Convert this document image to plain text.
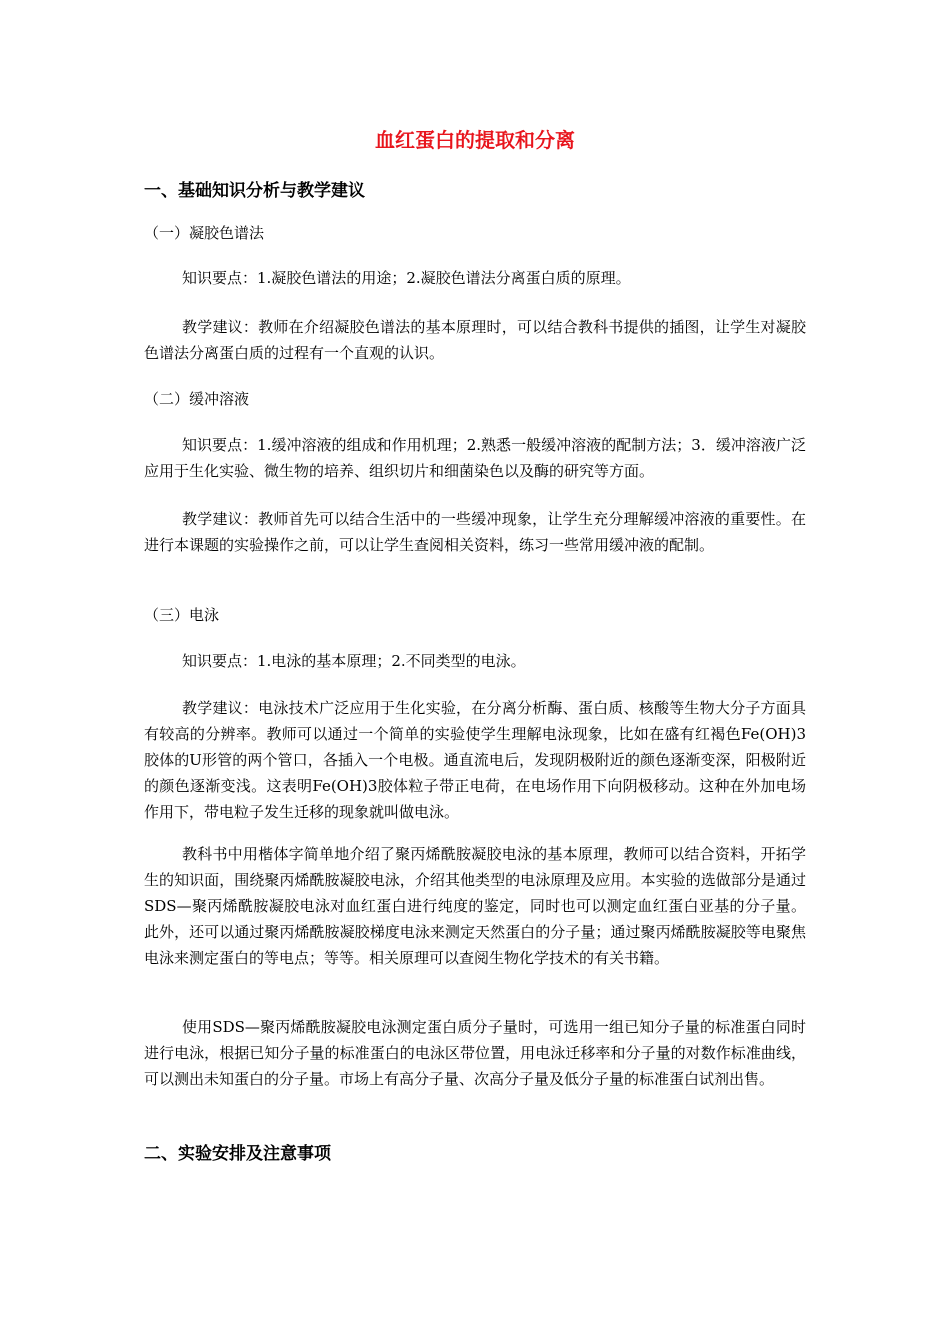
血红蛋白的提取和分离
一、基础知识分析与教学建议
（一）凝胶色谱法
知识要点：1.凝胶色谱法的用途；2.凝胶色谱法分离蛋白质的原理。
教学建议：教师在介绍凝胶色谱法的基本原理时，可以结合教科书提供的插图，让学生对凝胶色谱法分离蛋白质的过程有一个直观的认识。
（二）缓冲溶液
知识要点：1.缓冲溶液的组成和作用机理；2.熟悉一般缓冲溶液的配制方法；3．缓冲溶液广泛应用于生化实验、微生物的培养、组织切片和细菌染色以及酶的研究等方面。
教学建议：教师首先可以结合生活中的一些缓冲现象，让学生充分理解缓冲溶液的重要性。在进行本课题的实验操作之前，可以让学生查阅相关资料，练习一些常用缓冲液的配制。
（三）电泳
知识要点：1.电泳的基本原理；2.不同类型的电泳。
教学建议：电泳技术广泛应用于生化实验，在分离分析酶、蛋白质、核酸等生物大分子方面具有较高的分辨率。教师可以通过一个简单的实验使学生理解电泳现象，比如在盛有红褐色Fe(OH)3胶体的U形管的两个管口，各插入一个电极。通直流电后，发现阴极附近的颜色逐渐变深，阳极附近的颜色逐渐变浅。这表明Fe(OH)3胶体粒子带正电荷，在电场作用下向阴极移动。这种在外加电场作用下，带电粒子发生迁移的现象就叫做电泳。
教科书中用楷体字简单地介绍了聚丙烯酰胺凝胶电泳的基本原理，教师可以结合资料，开拓学生的知识面，围绕聚丙烯酰胺凝胶电泳，介绍其他类型的电泳原理及应用。本实验的选做部分是通过SDS—聚丙烯酰胺凝胶电泳对血红蛋白进行纯度的鉴定，同时也可以测定血红蛋白亚基的分子量。此外，还可以通过聚丙烯酰胺凝胶梯度电泳来测定天然蛋白的分子量；通过聚丙烯酰胺凝胶等电聚焦电泳来测定蛋白的等电点；等等。相关原理可以查阅生物化学技术的有关书籍。
使用SDS—聚丙烯酰胺凝胶电泳测定蛋白质分子量时，可选用一组已知分子量的标准蛋白同时进行电泳，根据已知分子量的标准蛋白的电泳区带位置，用电泳迁移率和分子量的对数作标准曲线，可以测出未知蛋白的分子量。市场上有高分子量、次高分子量及低分子量的标准蛋白试剂出售。
二、实验安排及注意事项
